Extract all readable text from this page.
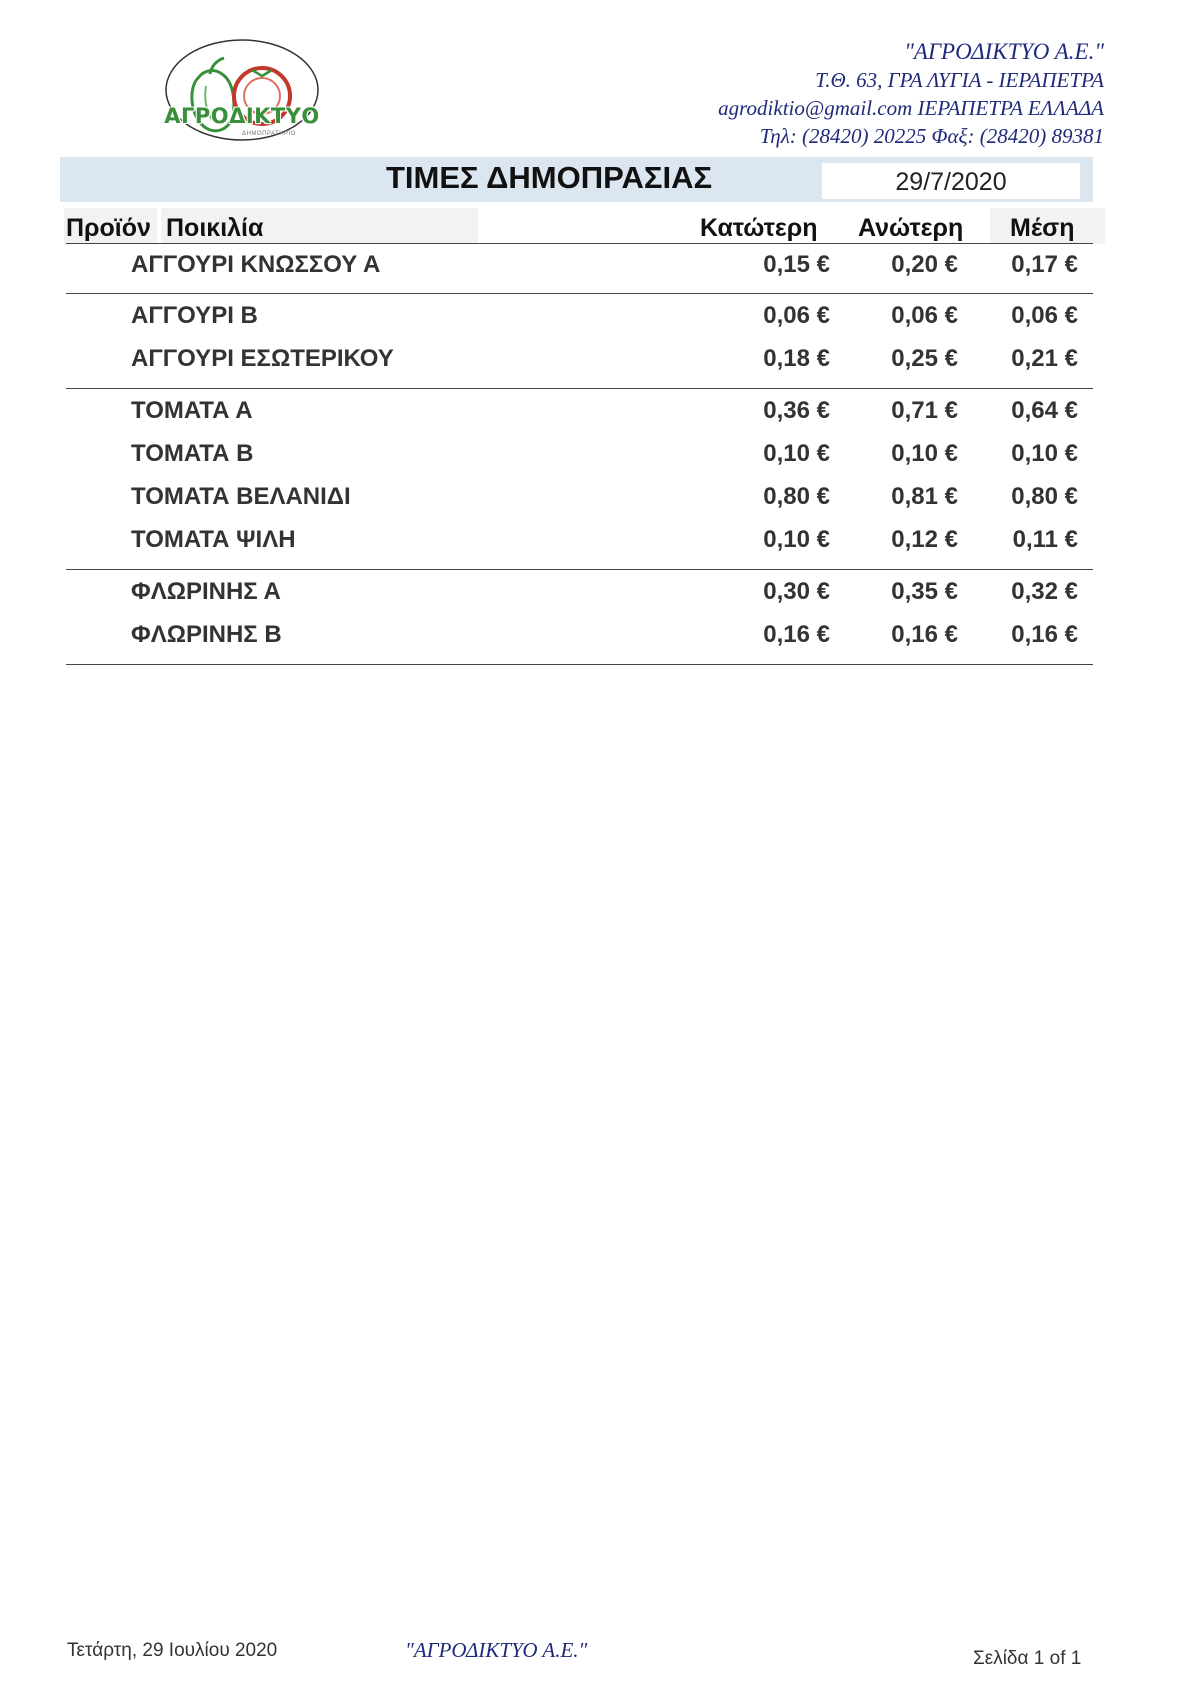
ΑΓΡΟΔΙΚΤΥΟ
ΔΗΜΟΠΡΑΤΗΡΙΟ
"ΑΓΡΟΔΙΚΤΥΟ Α.Ε."
Τ.Θ. 63, ΓΡΑ ΛΥΓΙΑ - ΙΕΡΑΠΕΤΡΑ
agrodiktio@gmail.com ΙΕΡΑΠΕΤΡΑ ΕΛΛΑΔΑ
Τηλ: (28420) 20225 Φαξ: (28420) 89381
ΤΙΜΕΣ ΔΗΜΟΠΡΑΣΙΑΣ	29/7/2020
Προϊόν Ποικιλία	Κατώτερη	Ανώτερη	Μέση
ΑΓΓΟΥΡΙ ΚΝΩΣΣΟΥ Α	0,15 €	0,20 €	0,17 €
ΑΓΓΟΥΡΙ Β	0,06 €	0,06 €	0,06 €
ΑΓΓΟΥΡΙ ΕΣΩΤΕΡΙΚΟΥ	0,18 €	0,25 €	0,21 €
ΤΟΜΑΤΑ Α	0,36 €	0,71 €	0,64 €
ΤΟΜΑΤΑ Β	0,10 €	0,10 €	0,10 €
ΤΟΜΑΤΑ ΒΕΛΑΝΙΔΙ	0,80 €	0,81 €	0,80 €
ΤΟΜΑΤΑ ΨΙΛΗ	0,10 €	0,12 €	0,11 €
ΦΛΩΡΙΝΗΣ Α	0,30 €	0,35 €	0,32 €
ΦΛΩΡΙΝΗΣ Β	0,16 €	0,16 €	0,16 €
Τετάρτη, 29 Ιουλίου 2020	"ΑΓΡΟΔΙΚΤΥΟ Α.Ε."	Σελίδα 1 of 1
